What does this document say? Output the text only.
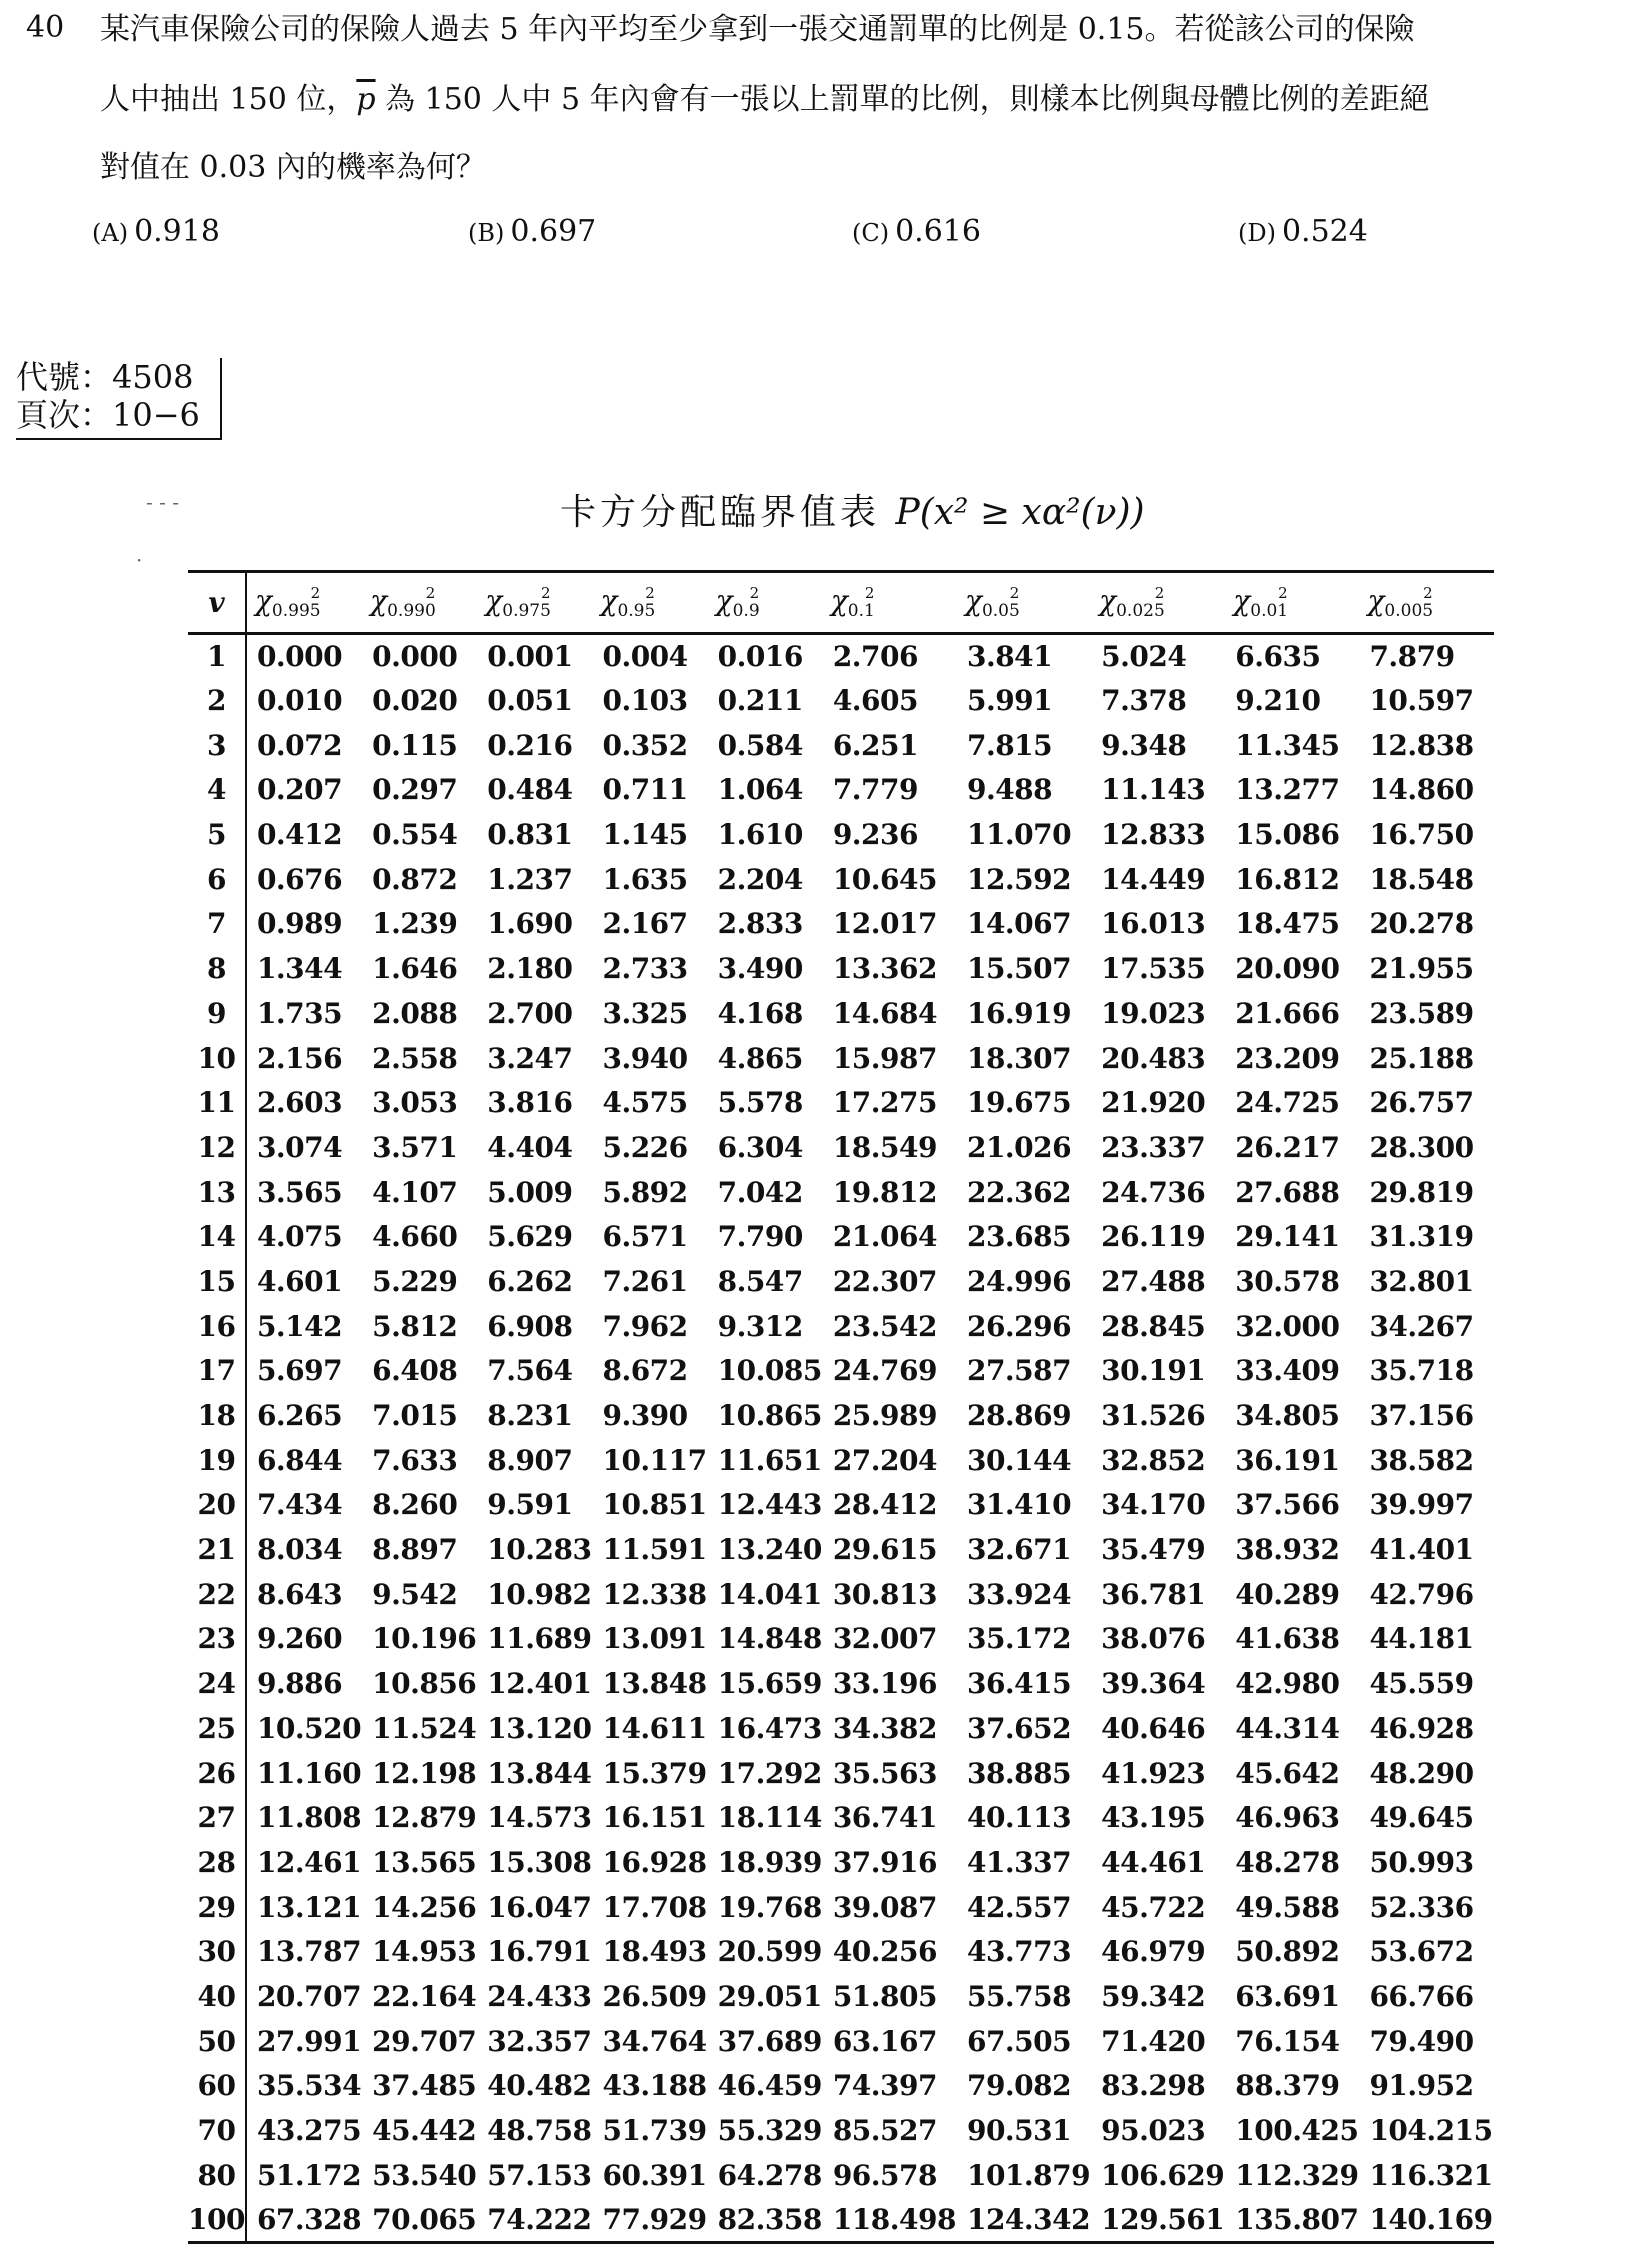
40 某汽車保險公司的保險人過去 5 年內平均至少拿到一張交通罰單的比例是 0.15。若從該公司的保險
人中抽出 150 位，$\overline{p}$ 為 150 人中 5 年內會有一張以上罰單的比例，則樣本比例與母體比例的差距絕
對值在 0.03 內的機率為何？
(A) 0.918	(B) 0.697	(C) 0.616	(D) 0.524
代號：4508
頁次：10−6
- - -
·
卡方分配臨界值表 P(x² ≥ xα²(ν))
v	$\chi_{0.995}^2$	$\chi_{0.990}^2$	$\chi_{0.975}^2$	$\chi_{0.95}^2$	$\chi_{0.9}^2$	$\chi_{0.1}^2$	$\chi_{0.05}^2$	$\chi_{0.025}^2$	$\chi_{0.01}^2$	$\chi_{0.005}^2$
1	0.000	0.000	0.001	0.004	0.016	2.706	3.841	5.024	6.635	7.879
2	0.010	0.020	0.051	0.103	0.211	4.605	5.991	7.378	9.210	10.597
3	0.072	0.115	0.216	0.352	0.584	6.251	7.815	9.348	11.345	12.838
4	0.207	0.297	0.484	0.711	1.064	7.779	9.488	11.143	13.277	14.860
5	0.412	0.554	0.831	1.145	1.610	9.236	11.070	12.833	15.086	16.750
6	0.676	0.872	1.237	1.635	2.204	10.645	12.592	14.449	16.812	18.548
7	0.989	1.239	1.690	2.167	2.833	12.017	14.067	16.013	18.475	20.278
8	1.344	1.646	2.180	2.733	3.490	13.362	15.507	17.535	20.090	21.955
9	1.735	2.088	2.700	3.325	4.168	14.684	16.919	19.023	21.666	23.589
10	2.156	2.558	3.247	3.940	4.865	15.987	18.307	20.483	23.209	25.188
11	2.603	3.053	3.816	4.575	5.578	17.275	19.675	21.920	24.725	26.757
12	3.074	3.571	4.404	5.226	6.304	18.549	21.026	23.337	26.217	28.300
13	3.565	4.107	5.009	5.892	7.042	19.812	22.362	24.736	27.688	29.819
14	4.075	4.660	5.629	6.571	7.790	21.064	23.685	26.119	29.141	31.319
15	4.601	5.229	6.262	7.261	8.547	22.307	24.996	27.488	30.578	32.801
16	5.142	5.812	6.908	7.962	9.312	23.542	26.296	28.845	32.000	34.267
17	5.697	6.408	7.564	8.672	10.085	24.769	27.587	30.191	33.409	35.718
18	6.265	7.015	8.231	9.390	10.865	25.989	28.869	31.526	34.805	37.156
19	6.844	7.633	8.907	10.117	11.651	27.204	30.144	32.852	36.191	38.582
20	7.434	8.260	9.591	10.851	12.443	28.412	31.410	34.170	37.566	39.997
21	8.034	8.897	10.283	11.591	13.240	29.615	32.671	35.479	38.932	41.401
22	8.643	9.542	10.982	12.338	14.041	30.813	33.924	36.781	40.289	42.796
23	9.260	10.196	11.689	13.091	14.848	32.007	35.172	38.076	41.638	44.181
24	9.886	10.856	12.401	13.848	15.659	33.196	36.415	39.364	42.980	45.559
25	10.520	11.524	13.120	14.611	16.473	34.382	37.652	40.646	44.314	46.928
26	11.160	12.198	13.844	15.379	17.292	35.563	38.885	41.923	45.642	48.290
27	11.808	12.879	14.573	16.151	18.114	36.741	40.113	43.195	46.963	49.645
28	12.461	13.565	15.308	16.928	18.939	37.916	41.337	44.461	48.278	50.993
29	13.121	14.256	16.047	17.708	19.768	39.087	42.557	45.722	49.588	52.336
30	13.787	14.953	16.791	18.493	20.599	40.256	43.773	46.979	50.892	53.672
40	20.707	22.164	24.433	26.509	29.051	51.805	55.758	59.342	63.691	66.766
50	27.991	29.707	32.357	34.764	37.689	63.167	67.505	71.420	76.154	79.490
60	35.534	37.485	40.482	43.188	46.459	74.397	79.082	83.298	88.379	91.952
70	43.275	45.442	48.758	51.739	55.329	85.527	90.531	95.023	100.425	104.215
80	51.172	53.540	57.153	60.391	64.278	96.578	101.879	106.629	112.329	116.321
100	67.328	70.065	74.222	77.929	82.358	118.498	124.342	129.561	135.807	140.169
